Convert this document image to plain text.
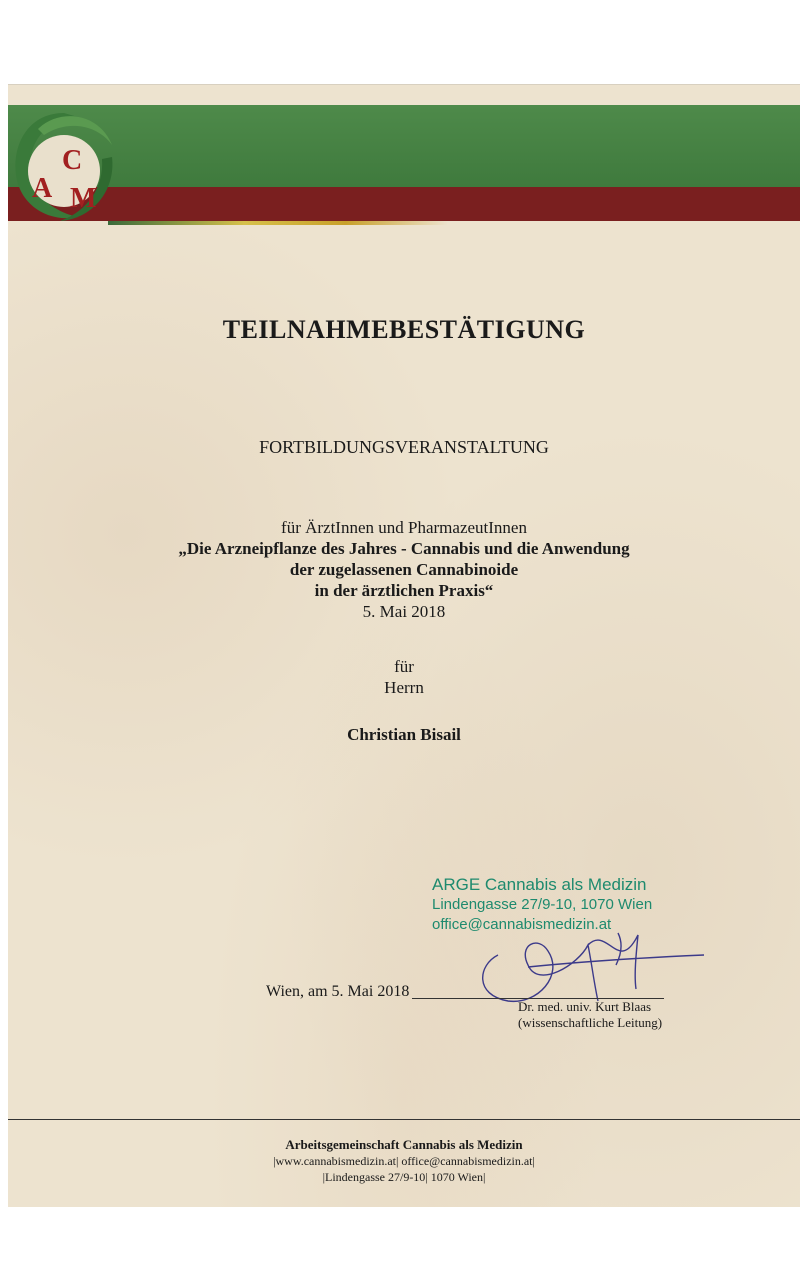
C
A M
TEILNAHMEBESTÄTIGUNG
FORTBILDUNGSVERANSTALTUNG
für ÄrztInnen und PharmazeutInnen
„Die Arzneipflanze des Jahres - Cannabis und die Anwendung
der zugelassenen Cannabinoide
in der ärztlichen Praxis“
5. Mai 2018
für
Herrn
Christian Bisail
ARGE Cannabis als Medizin
Lindengasse 27/9-10, 1070 Wien
office@cannabismedizin.at
Wien, am 5. Mai 2018
Dr. med. univ. Kurt Blaas
(wissenschaftliche Leitung)
Arbeitsgemeinschaft Cannabis als Medizin
|www.cannabismedizin.at| office@cannabismedizin.at|
|Lindengasse 27/9-10| 1070 Wien|
